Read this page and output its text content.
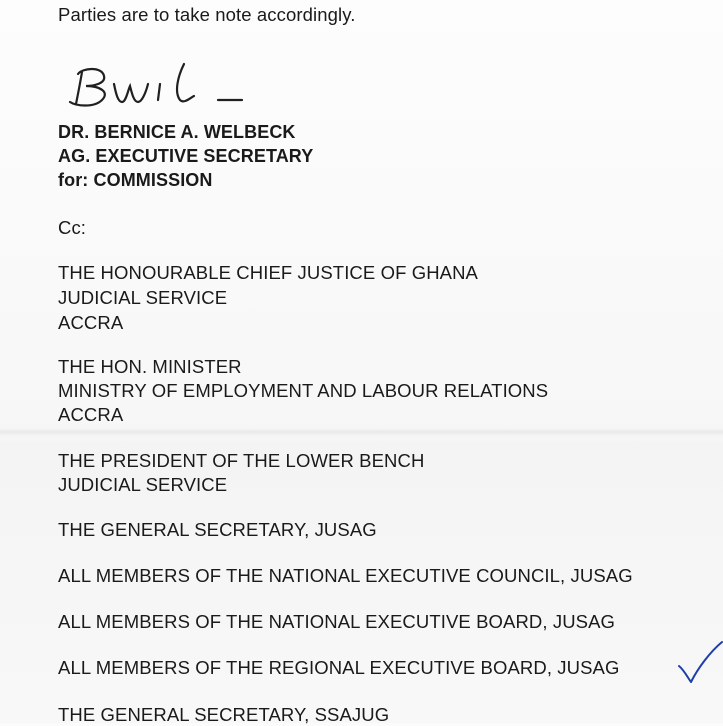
Parties are to take note accordingly.
DR. BERNICE A. WELBECK
AG. EXECUTIVE SECRETARY
for: COMMISSION
Cc:
THE HONOURABLE CHIEF JUSTICE OF GHANA
JUDICIAL SERVICE
ACCRA
THE HON. MINISTER
MINISTRY OF EMPLOYMENT AND LABOUR RELATIONS
ACCRA
THE PRESIDENT OF THE LOWER BENCH
JUDICIAL SERVICE
THE GENERAL SECRETARY, JUSAG
ALL MEMBERS OF THE NATIONAL EXECUTIVE COUNCIL, JUSAG
ALL MEMBERS OF THE NATIONAL EXECUTIVE BOARD, JUSAG
ALL MEMBERS OF THE REGIONAL EXECUTIVE BOARD, JUSAG
THE GENERAL SECRETARY, SSAJUG
